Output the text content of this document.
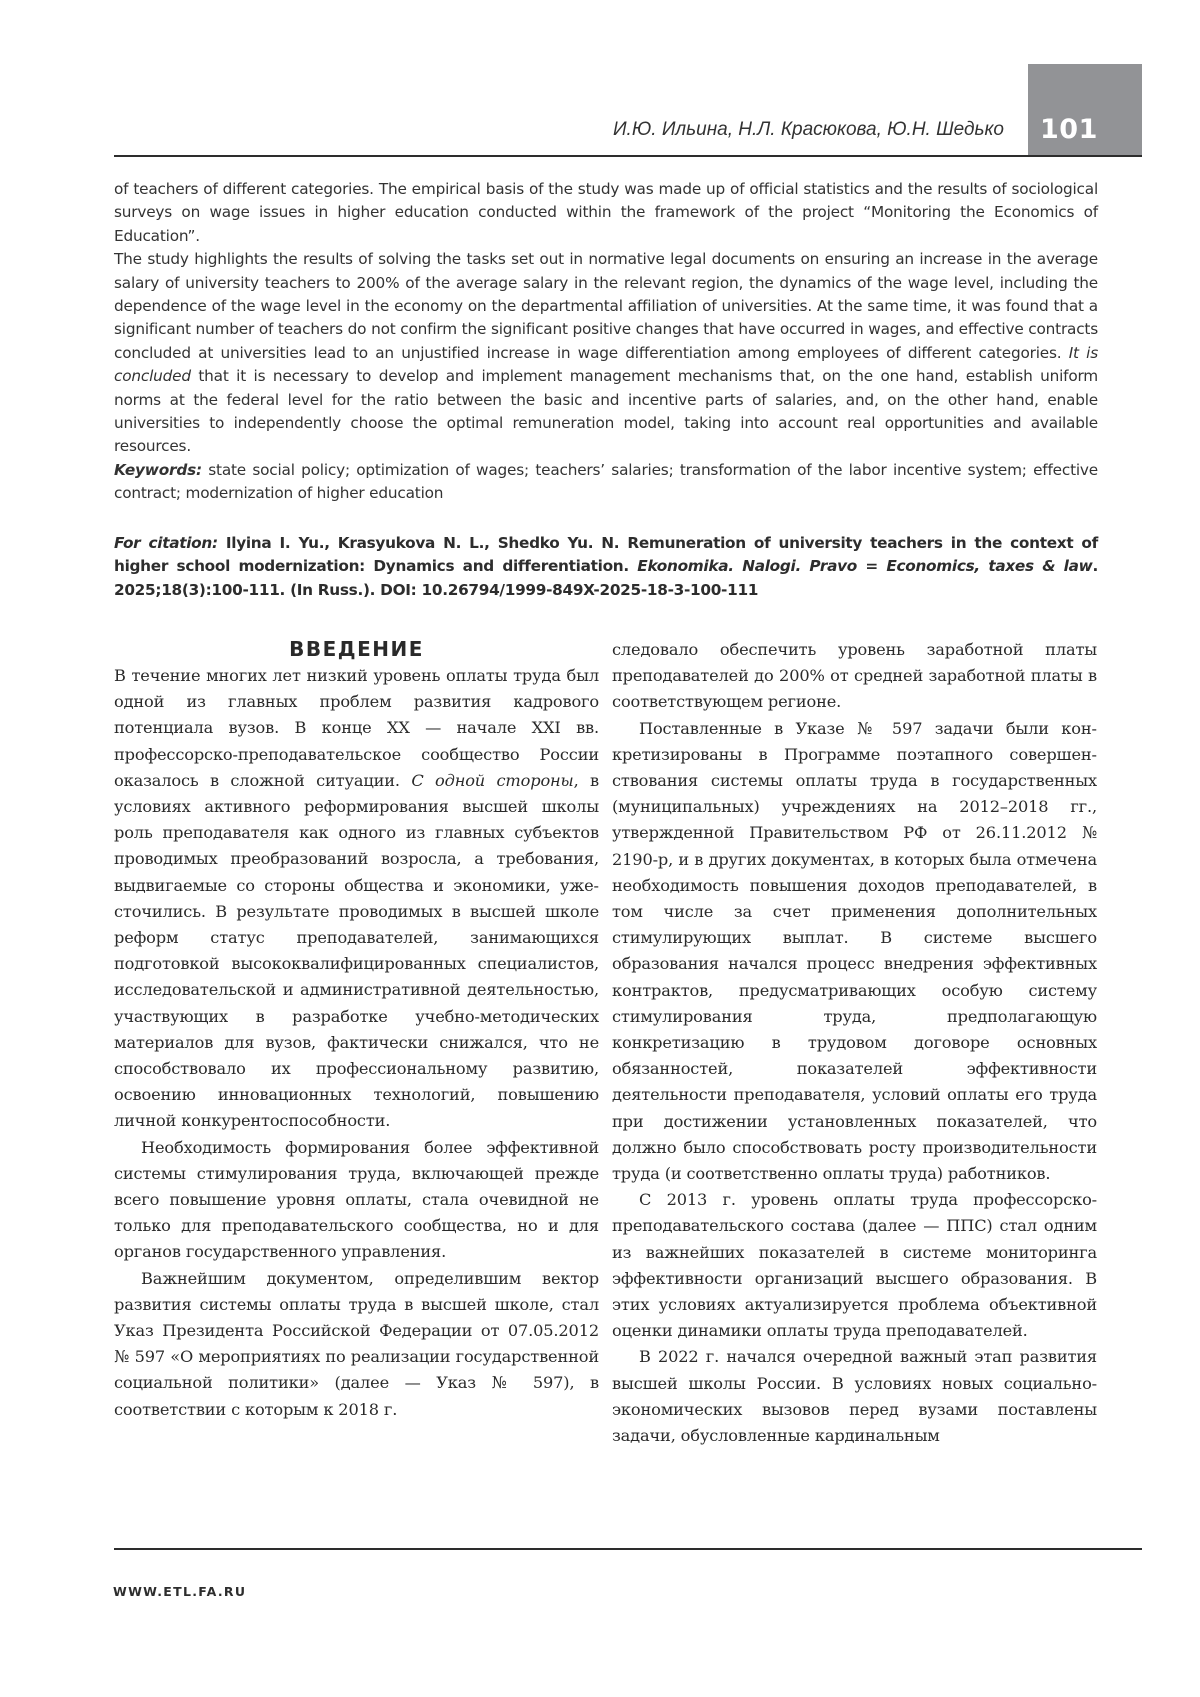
101
И.Ю. Ильина, Н.Л. Красюкова, Ю.Н. Шедько

of teachers of different categories. The empirical basis of the study was made up of official statistics and the results of sociological surveys on wage issues in higher education conducted within the framework of the project “Monitoring the Economics of Education”.

The study highlights the results of solving the tasks set out in normative legal documents on ensuring an increase in the average salary of university teachers to 200% of the average salary in the relevant region, the dynamics of the wage level, including the dependence of the wage level in the economy on the departmental affiliation of universities. At the same time, it was found that a significant number of teachers do not confirm the significant positive changes that have occurred in wages, and effective contracts concluded at universities lead to an unjustified increase in wage differentiation among employees of different categories. It is concluded that it is necessary to develop and implement management mechanisms that, on the one hand, establish uniform norms at the federal level for the ratio between the basic and incentive parts of salaries, and, on the other hand, enable universities to independently choose the optimal remuneration model, taking into account real opportunities and available resources.

Keywords: state social policy; optimization of wages; teachers’ salaries; transformation of the labor incentive system; effective contract; modernization of higher education

For citation: Ilyina I. Yu., Krasyukova N. L., Shedko Yu. N. Remuneration of university teachers in the context of higher school modernization: Dynamics and differentiation. Ekonomika. Nalogi. Pravo = Economics, taxes & law. 2025;18(3):100-111. (In Russ.). DOI: 10.26794/1999-849X-2025-18-3-100-111

ВВЕДЕНИЕ

В течение многих лет низкий уровень оплаты труда был одной из главных проблем развития кадрового потенциала вузов. В конце XX — начале XXI вв. профессорско-преподавательское сообщество России оказалось в сложной ситуации. С одной стороны, в условиях активного реформирования высшей школы роль преподавателя как одного из главных субъектов проводимых преобразований возросла, а требования, выдвигаемые со стороны общества и экономики, ужесточились. В результате проводимых в высшей школе реформ статус преподавателей, занимающихся подготовкой высококвалифицированных специалистов, исследовательской и административной деятельностью, участвующих в разработке учебно-методических материалов для вузов, фактически снижался, что не способствовало их профессиональному развитию, освоению инновационных технологий, повышению личной конкурентоспособности.

Необходимость формирования более эффективной системы стимулирования труда, включающей прежде всего повышение уровня оплаты, стала очевидной не только для преподавательского сообщества, но и для органов государственного управления.

Важнейшим документом, определившим вектор развития системы оплаты труда в высшей школе, стал Указ Президента Российской Федерации от 07.05.2012 № 597 «О мероприятиях по реализации государственной социальной политики» (далее — Указ № 597), в соответствии с которым к 2018 г.

следовало обеспечить уровень заработной платы преподавателей до 200% от средней заработной платы в соответствующем регионе.

Поставленные в Указе № 597 задачи были конкретизированы в Программе поэтапного совершенствования системы оплаты труда в государственных (муниципальных) учреждениях на 2012–2018 гг., утвержденной Правительством РФ от 26.11.2012 № 2190-р, и в других документах, в которых была отмечена необходимость повышения доходов преподавателей, в том числе за счет применения дополнительных стимулирующих выплат. В системе высшего образования начался процесс внедрения эффективных контрактов, предусматривающих особую систему стимулирования труда, предполагающую конкретизацию в трудовом договоре основных обязанностей, показателей эффективности деятельности преподавателя, условий оплаты его труда при достижении установленных показателей, что должно было способствовать росту производительности труда (и соответственно оплаты труда) работников.

С 2013 г. уровень оплаты труда профессорско-преподавательского состава (далее — ППС) стал одним из важнейших показателей в системе мониторинга эффективности организаций высшего образования. В этих условиях актуализируется проблема объективной оценки динамики оплаты труда преподавателей.

В 2022 г. начался очередной важный этап развития высшей школы России. В условиях новых социально-экономических вызовов перед вузами поставлены задачи, обусловленные кардинальным

WWW.ETL.FA.RU
